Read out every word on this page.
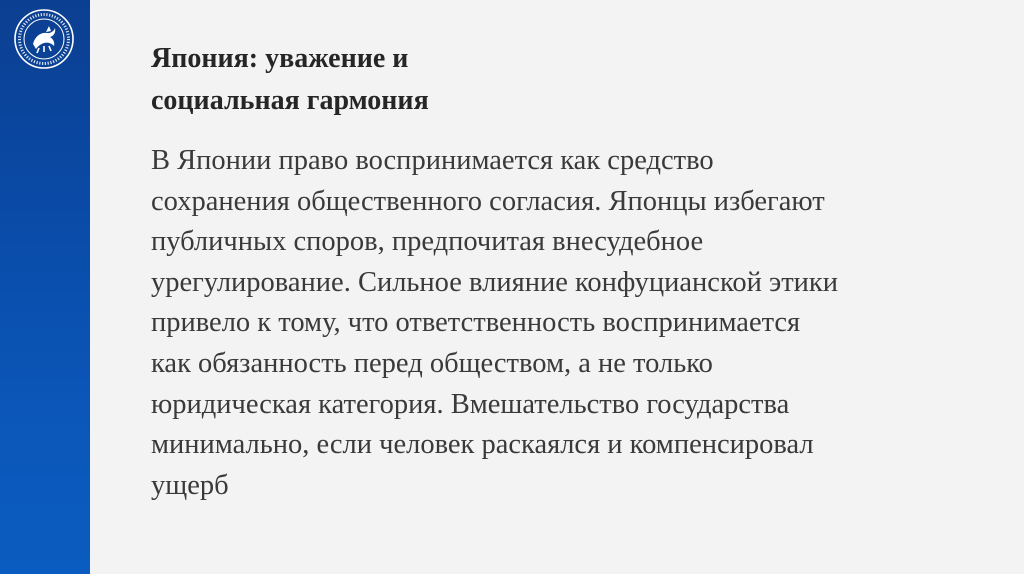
Япония: уважение и
социальная гармония

В Японии право воспринимается как средство
сохранения общественного согласия. Японцы избегают
публичных споров, предпочитая внесудебное
урегулирование. Сильное влияние конфуцианской этики
привело к тому, что ответственность воспринимается
как обязанность перед обществом, а не только
юридическая категория. Вмешательство государства
минимально, если человек раскаялся и компенсировал
ущерб
